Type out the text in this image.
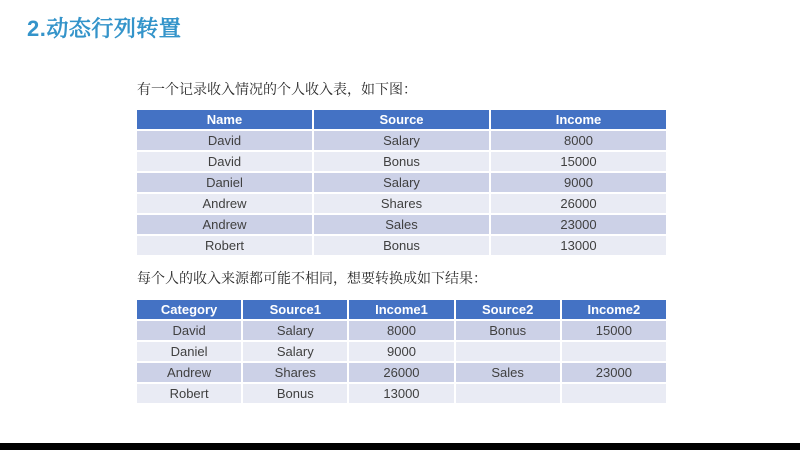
2.动态行列转置
有一个记录收入情况的个人收入表，如下图：
Name	Source	Income
David	Salary	8000
David	Bonus	15000
Daniel	Salary	9000
Andrew	Shares	26000
Andrew	Sales	23000
Robert	Bonus	13000
每个人的收入来源都可能不相同，想要转换成如下结果：
Category	Source1	Income1	Source2	Income2
David	Salary	8000	Bonus	15000
Daniel	Salary	9000		
Andrew	Shares	26000	Sales	23000
Robert	Bonus	13000		
